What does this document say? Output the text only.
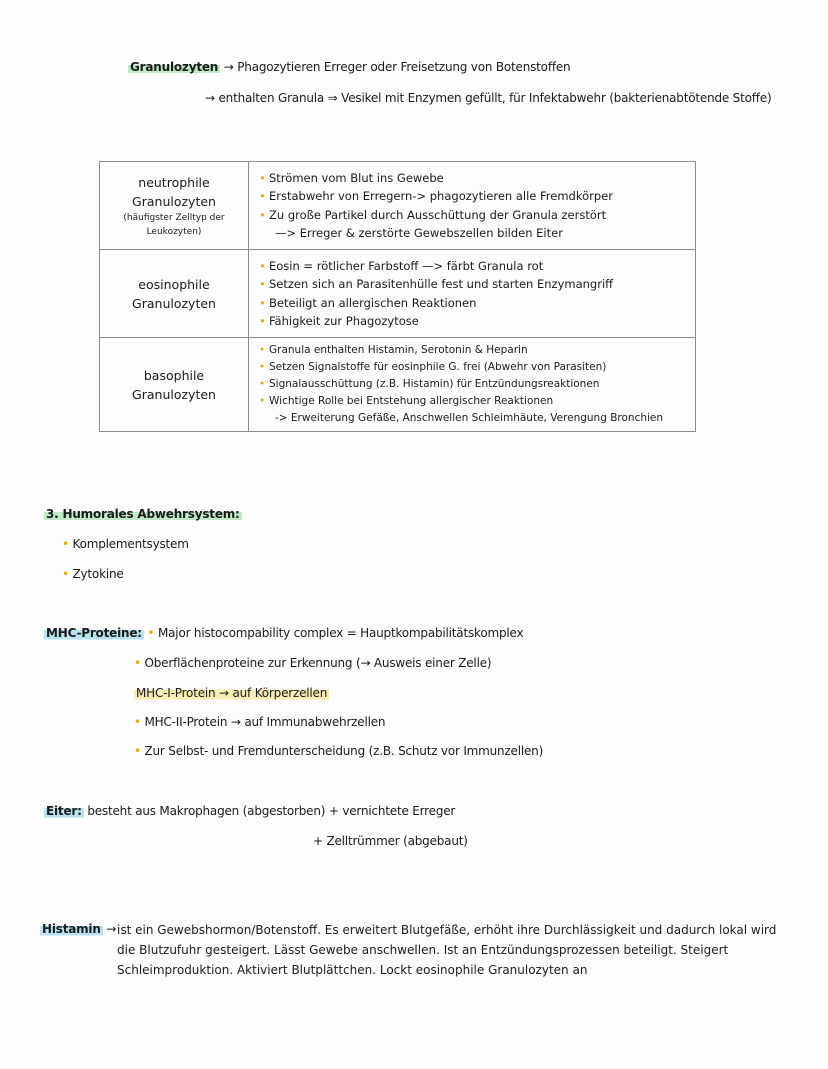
Granulozyten → Phagozytieren Erreger oder Freisetzung von Botenstoffen
→ enthalten Granula ⇒ Vesikel mit Enzymen gefüllt, für Infektabwehr (bakterienabtötende Stoffe)
neutrophile
Granulozyten
(häufigster Zelltyp der
Leukozyten)

• Strömen vom Blut ins Gewebe
• Erstabwehr von Erregern-> phagozytieren alle Fremdkörper
• Zu große Partikel durch Ausschüttung der Granula zerstört
—> Erreger & zerstörte Gewebszellen bilden Eiter

eosinophile
Granulozyten	
• Eosin = rötlicher Farbstoff —> färbt Granula rot
• Setzen sich an Parasitenhülle fest und starten Enzymangriff
• Beteiligt an allergischen Reaktionen
• Fähigkeit zur Phagozytose

basophile
Granulozyten	
• Granula enthalten Histamin, Serotonin & Heparin
• Setzen Signalstoffe für eosinphile G. frei (Abwehr von Parasiten)
• Signalausschüttung (z.B. Histamin) für Entzündungsreaktionen
• Wichtige Rolle bei Entstehung allergischer Reaktionen
-> Erweiterung Gefäße, Anschwellen Schleimhäute, Verengung Bronchien
3. Humorales Abwehrsystem:
• Komplementsystem
• Zytokine
MHC-Proteine: • Major histocompability complex = Hauptkompabilitätskomplex
• Oberflächenproteine zur Erkennung (→ Ausweis einer Zelle)
MHC-I-Protein → auf Körperzellen
• MHC-II-Protein → auf Immunabwehrzellen
• Zur Selbst- und Fremdunterscheidung (z.B. Schutz vor Immunzellen)
Eiter: besteht aus Makrophagen (abgestorben) + vernichtete Erreger
+ Zelltrümmer (abgebaut)
Histamin → ist ein Gewebshormon/Botenstoff. Es erweitert Blutgefäße, erhöht ihre Durchlässigkeit und dadurch lokal wird die Blutzufuhr gesteigert. Lässt Gewebe anschwellen. Ist an Entzündungsprozessen beteiligt. Steigert Schleimproduktion. Aktiviert Blutplättchen. Lockt eosinophile Granulozyten an
